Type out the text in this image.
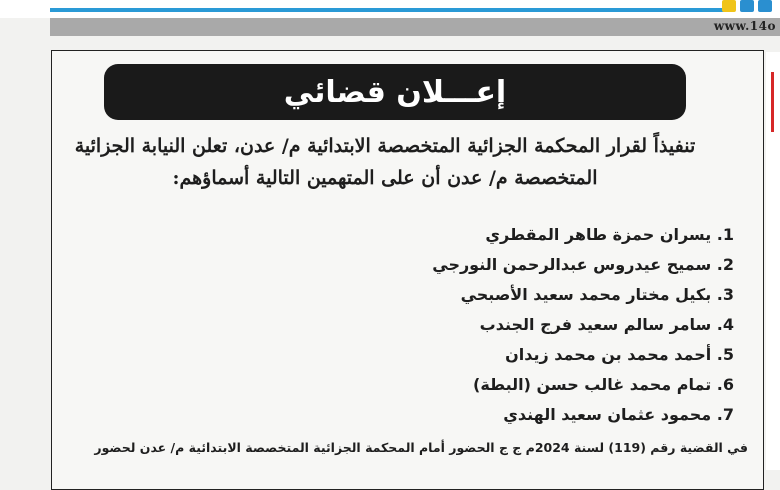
www.14o
إعـــلان قضائي
تنفيذاً لقرار المحكمة الجزائية المتخصصة الابتدائية م/ عدن، تعلن النيابة الجزائية المتخصصة م/ عدن أن على المتهمين التالية أسماؤهم:
1. يسران حمزة طاهر المقطري
2. سميح عيدروس عبدالرحمن النورجي
3. بكيل مختار محمد سعيد الأصبحي
4. سامر سالم سعيد فرج الجندب
5. أحمد محمد بن محمد زيدان
6. تمام محمد غالب حسن (البطة)
7. محمود عثمان سعيد الهندي
في القضية رقم (119) لسنة 2024م ج ج الحضور أمام المحكمة الجزائية المتخصصة الابتدائية م/ عدن لحضور
